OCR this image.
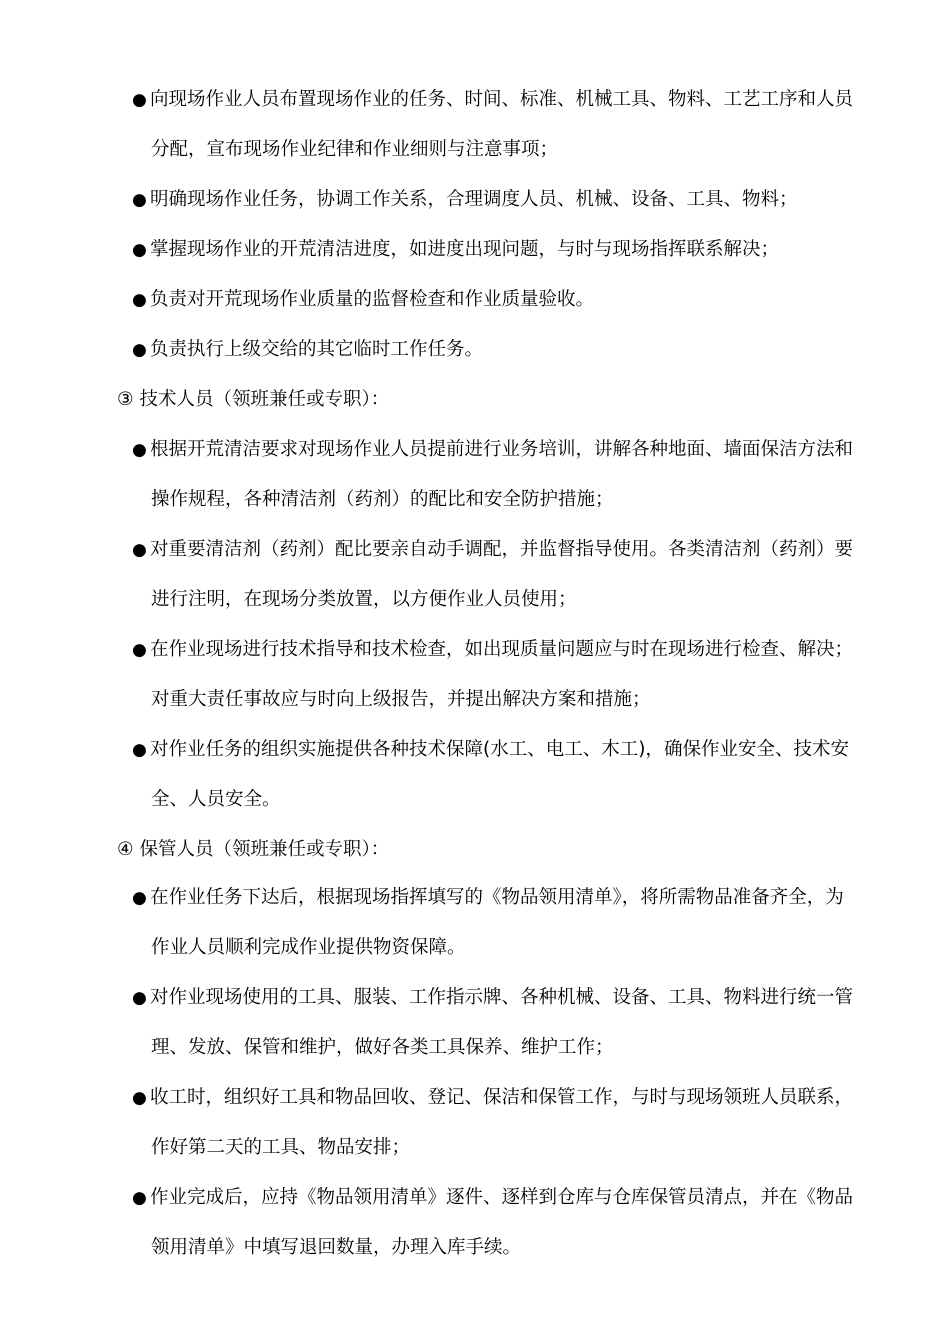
● 向现场作业人员布置现场作业的任务、时间、标准、机械工具、物料、工艺工序和人员
分配，宣布现场作业纪律和作业细则与注意事项；
● 明确现场作业任务，协调工作关系，合理调度人员、机械、设备、工具、物料；
● 掌握现场作业的开荒清洁进度，如进度出现问题，与时与现场指挥联系解决；
● 负责对开荒现场作业质量的监督检查和作业质量验收。
● 负责执行上级交给的其它临时工作任务。
③ 技术人员（领班兼任或专职）：
● 根据开荒清洁要求对现场作业人员提前进行业务培训，讲解各种地面、墙面保洁方法和
操作规程，各种清洁剂（药剂）的配比和安全防护措施；
● 对重要清洁剂（药剂）配比要亲自动手调配，并监督指导使用。各类清洁剂（药剂）要
进行注明，在现场分类放置，以方便作业人员使用；
● 在作业现场进行技术指导和技术检查，如出现质量问题应与时在现场进行检查、解决；
对重大责任事故应与时向上级报告，并提出解决方案和措施；
● 对作业任务的组织实施提供各种技术保障(水工、电工、木工)，确保作业安全、技术安
全、人员安全。
④ 保管人员（领班兼任或专职）：
● 在作业任务下达后，根据现场指挥填写的《物品领用清单》，将所需物品准备齐全，为
作业人员顺利完成作业提供物资保障。
● 对作业现场使用的工具、服装、工作指示牌、各种机械、设备、工具、物料进行统一管
理、发放、保管和维护，做好各类工具保养、维护工作；
● 收工时，组织好工具和物品回收、登记、保洁和保管工作，与时与现场领班人员联系，
作好第二天的工具、物品安排；
● 作业完成后，应持《物品领用清单》逐件、逐样到仓库与仓库保管员清点，并在《物品
领用清单》中填写退回数量，办理入库手续。
